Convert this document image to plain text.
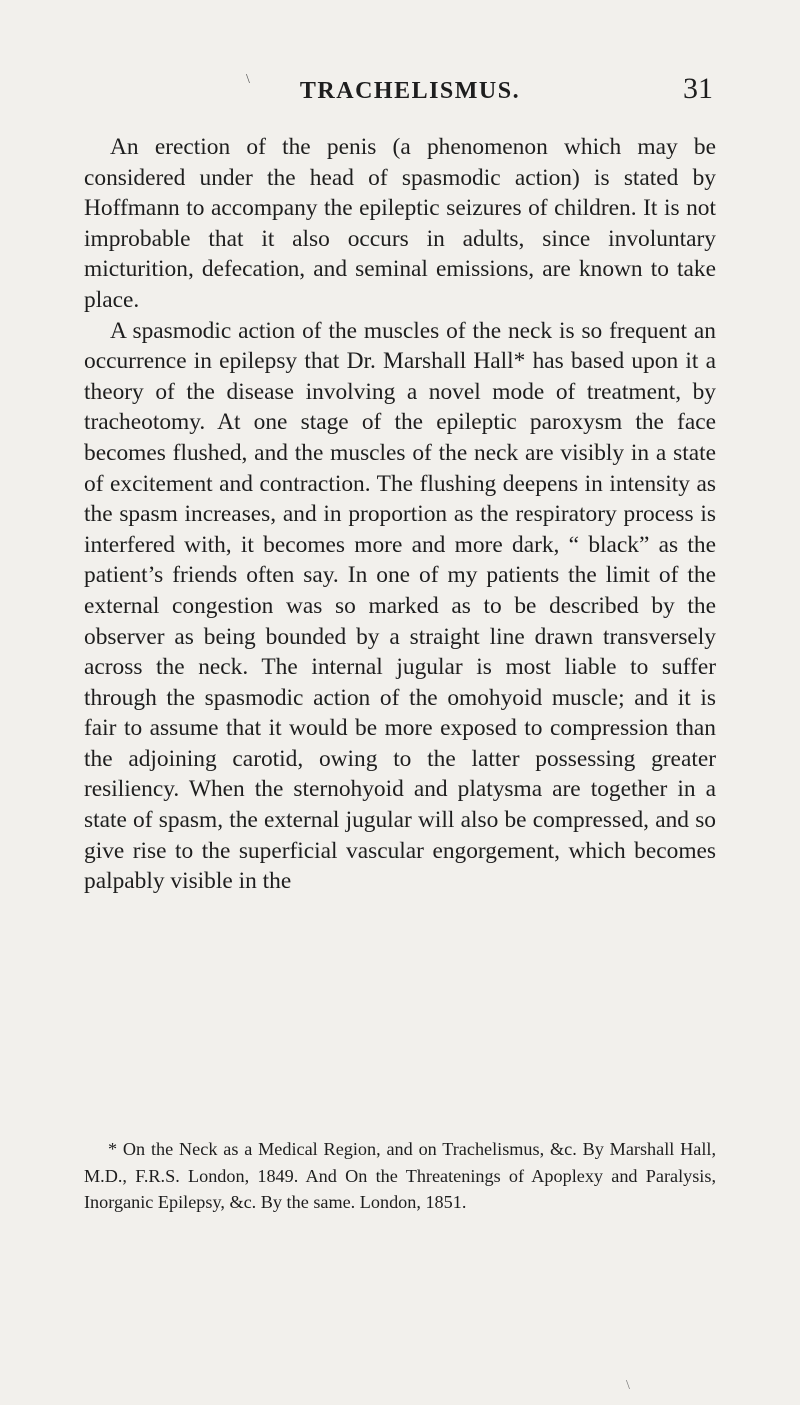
\	TRACHELISMUS.	31

An erection of the penis (a phenomenon which may be considered under the head of spasmodic action) is stated by Hoffmann to accompany the epileptic seizures of children. It is not improbable that it also occurs in adults, since involuntary micturition, defecation, and seminal emissions, are known to take place.

A spasmodic action of the muscles of the neck is so frequent an occurrence in epilepsy that Dr. Marshall Hall* has based upon it a theory of the disease involving a novel mode of treatment, by tracheotomy. At one stage of the epileptic paroxysm the face becomes flushed, and the muscles of the neck are visibly in a state of excitement and contraction. The flushing deepens in intensity as the spasm increases, and in proportion as the respiratory process is interfered with, it becomes more and more dark, “ black” as the patient’s friends often say. In one of my patients the limit of the external congestion was so marked as to be described by the observer as being bounded by a straight line drawn transversely across the neck. The internal jugular is most liable to suffer through the spasmodic action of the omohyoid muscle; and it is fair to assume that it would be more exposed to compression than the adjoining carotid, owing to the latter possessing greater resiliency. When the sternohyoid and platysma are together in a state of spasm, the external jugular will also be compressed, and so give rise to the superficial vascular engorgement, which becomes palpably visible in the

* On the Neck as a Medical Region, and on Trachelismus, &c. By Marshall Hall, M.D., F.R.S. London, 1849. And On the Threatenings of Apoplexy and Paralysis, Inorganic Epilepsy, &c. By the same. London, 1851.

\
